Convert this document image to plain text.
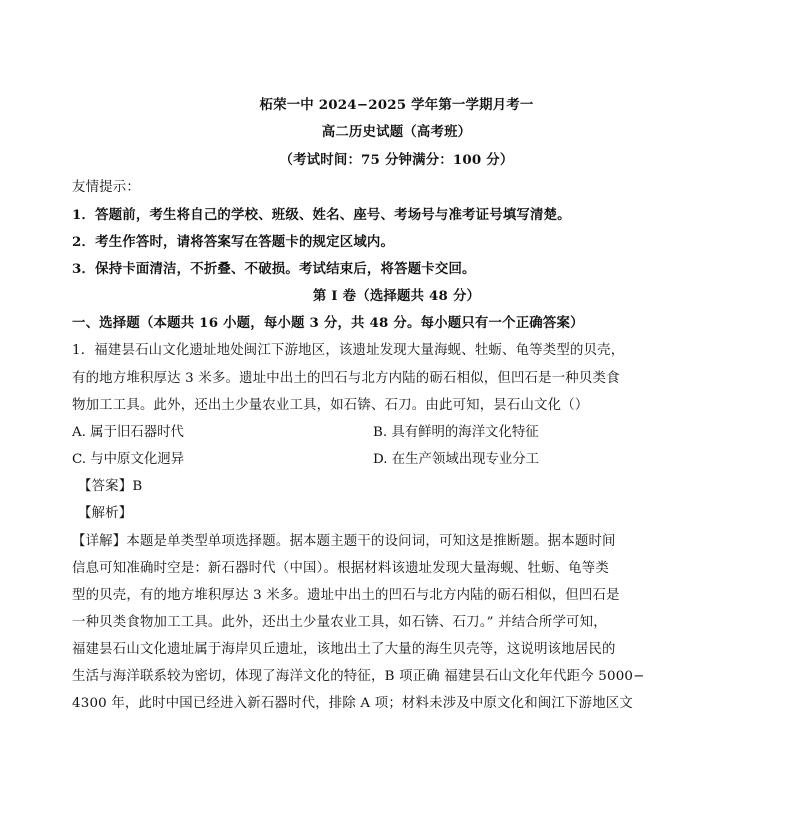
柘荣一中 2024−2025 学年第一学期月考一
高二历史试题（高考班）
（考试时间：75 分钟满分：100 分）
友情提示：
1．答题前，考生将自己的学校、班级、姓名、座号、考场号与准考证号填写清楚。
2．考生作答时，请将答案写在答题卡的规定区域内。
3．保持卡面清洁，不折叠、不破损。考试结束后，将答题卡交回。
第 I 卷（选择题共 48 分）
一、选择题（本题共 16 小题，每小题 3 分，共 48 分。每小题只有一个正确答案）
1．福建昙石山文化遗址地处闽江下游地区，该遗址发现大量海蚬、牡蛎、龟等类型的贝壳，
有的地方堆积厚达 3 米多。遗址中出土的凹石与北方内陆的砺石相似，但凹石是一种贝类食
物加工工具。此外，还出土少量农业工具，如石锛、石刀。由此可知，昙石山文化（）
A. 属于旧石器时代	B. 具有鲜明的海洋文化特征
C. 与中原文化迥异	D. 在生产领域出现专业分工
【答案】B
【解析】
【详解】本题是单类型单项选择题。据本题主题干的设问词，可知这是推断题。据本题时间
信息可知准确时空是：新石器时代（中国）。根据材料该遗址发现大量海蚬、牡蛎、龟等类
型的贝壳，有的地方堆积厚达 3 米多。遗址中出土的凹石与北方内陆的砺石相似，但凹石是
一种贝类食物加工工具。此外，还出土少量农业工具，如石锛、石刀。” 并结合所学可知，
福建昙石山文化遗址属于海岸贝丘遗址，该地出土了大量的海生贝壳等，这说明该地居民的
生活与海洋联系较为密切，体现了海洋文化的特征，B 项正确 福建昙石山文化年代距今 5000−
4300 年，此时中国已经进入新石器时代，排除 A 项；材料未涉及中原文化和闽江下游地区文
